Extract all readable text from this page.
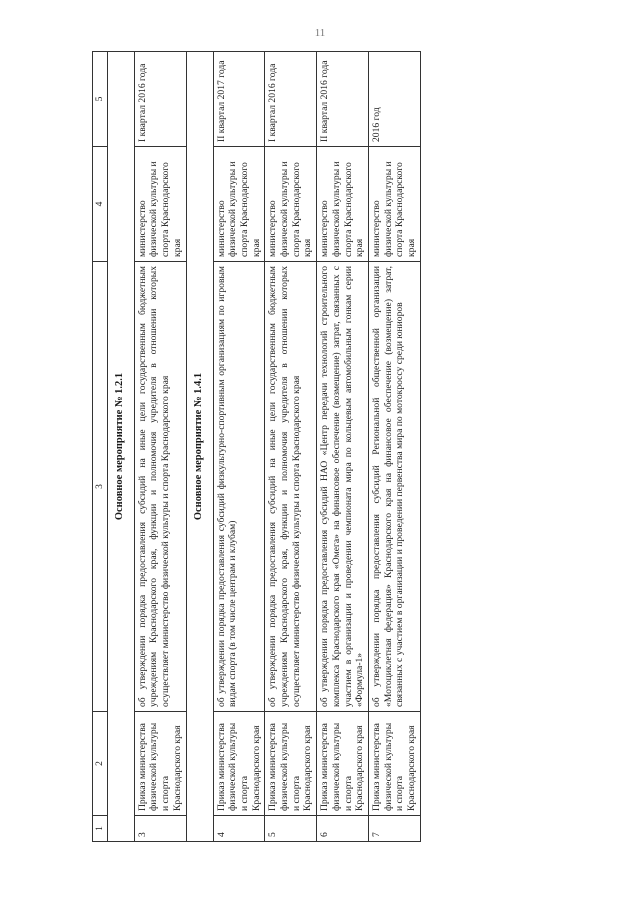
11
1	2	3	4	5
Основное мероприятие № 1.2.1				
3	Приказ министерства физической культуры и спорта Краснодарского края	об утверждении порядка предоставления субсидий на иные цели государственным бюджетным учреждениям Краснодарского края, функции и полномочия учредителя в отношении которых осуществляет министерство физической культуры и спорта Краснодарского края	министерство физической культуры и спорта Краснодарского края	I квартал 2016 года
Основное мероприятие № 1.4.1				
4	Приказ министерства физической культуры и спорта Краснодарского края	об утверждении порядка предоставления субсидий физкультурно-спортивным организациям по игровым видам спорта (в том числе центрам и клубам)	министерство физической культуры и спорта Краснодарского края	II квартал 2017 года
5	Приказ министерства физической культуры и спорта Краснодарского края	об утверждении порядка предоставления субсидий на иные цели государственным бюджетным учреждениям Краснодарского края, функции и полномочия учредителя в отношении которых осуществляет министерство физической культуры и спорта Краснодарского края	министерство физической культуры и спорта Краснодарского края	I квартал 2016 года
6	Приказ министерства физической культуры и спорта Краснодарского края	об утверждении порядка предоставления субсидий НАО «Центр передачи технологий строительного комплекса Краснодарского края «Омега» на финансовое обеспечение (возмещение) затрат, связанных с участием в организации и проведении чемпионата мира по кольцевым автомобильным гонкам серии «Формула-1»	министерство физической культуры и спорта Краснодарского края	II квартал 2016 года
7	Приказ министерства физической культуры и спорта Краснодарского края	об утверждении порядка предоставления субсидий Региональной общественной организации «Мотоциклетная федерация» Краснодарского края на финансовое обеспечение (возмещение) затрат, связанных с участием в организации и проведении первенства мира по мотокроссу среди юниоров	министерство физической культуры и спорта Краснодарского края	2016 год
